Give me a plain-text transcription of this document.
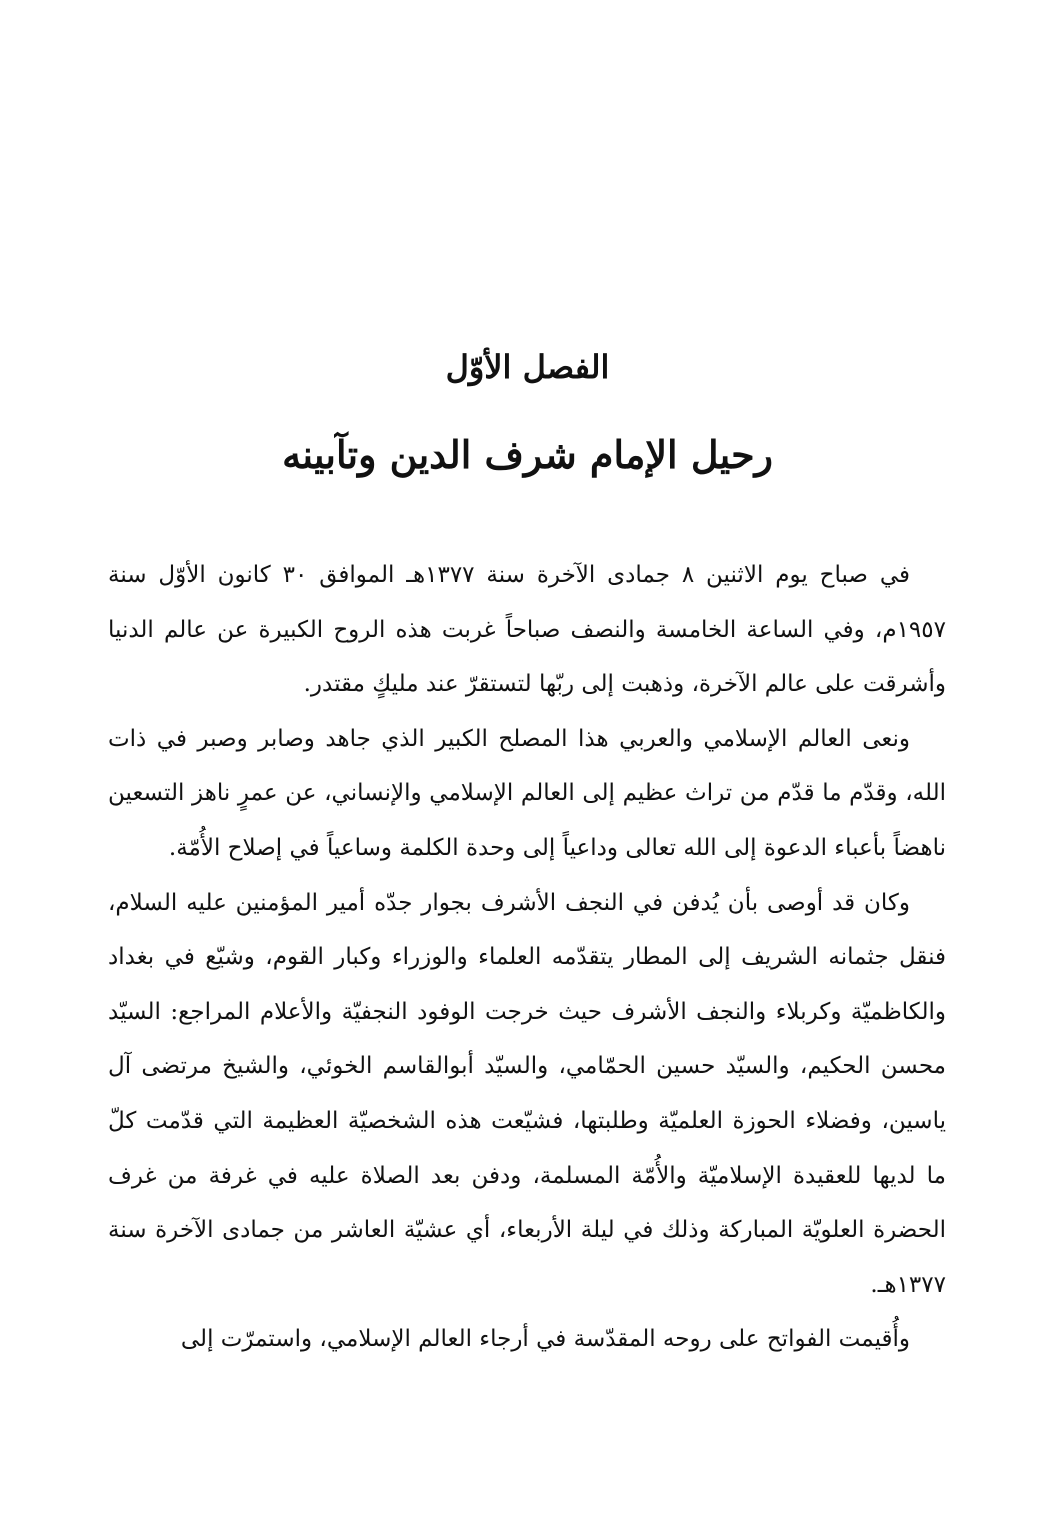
الفصل الأوّل
رحيل الإمام شرف الدين وتآبينه

في صباح يوم الاثنين ٨ جمادى الآخرة سنة ١٣٧٧هـ الموافق ٣٠ كانون الأوّل سنة ١٩٥٧م، وفي الساعة الخامسة والنصف صباحاً غربت هذه الروح الكبيرة عن عالم الدنيا وأشرقت على عالم الآخرة، وذهبت إلى ربّها لتستقرّ عند مليكٍ مقتدر.

ونعى العالم الإسلامي والعربي هذا المصلح الكبير الذي جاهد وصابر وصبر في ذات الله، وقدّم ما قدّم من تراث عظيم إلى العالم الإسلامي والإنساني، عن عمرٍ ناهز التسعين ناهضاً بأعباء الدعوة إلى الله تعالى وداعياً إلى وحدة الكلمة وساعياً في إصلاح الأُمّة.

وكان قد أوصى بأن يُدفن في النجف الأشرف بجوار جدّه أمير المؤمنين عليه السلام، فنقل جثمانه الشريف إلى المطار يتقدّمه العلماء والوزراء وكبار القوم، وشيّع في بغداد والكاظميّة وكربلاء والنجف الأشرف حيث خرجت الوفود النجفيّة والأعلام المراجع: السيّد محسن الحكيم، والسيّد حسين الحمّامي، والسيّد أبوالقاسم الخوئي، والشيخ مرتضى آل ياسين، وفضلاء الحوزة العلميّة وطلبتها، فشيّعت هذه الشخصيّة العظيمة التي قدّمت كلّ ما لديها للعقيدة الإسلاميّة والأُمّة المسلمة، ودفن بعد الصلاة عليه في غرفة من غرف الحضرة العلويّة المباركة وذلك في ليلة الأربعاء، أي عشيّة العاشر من جمادى الآخرة سنة ١٣٧٧هـ.

وأُقيمت الفواتح على روحه المقدّسة في أرجاء العالم الإسلامي، واستمرّت إلى
